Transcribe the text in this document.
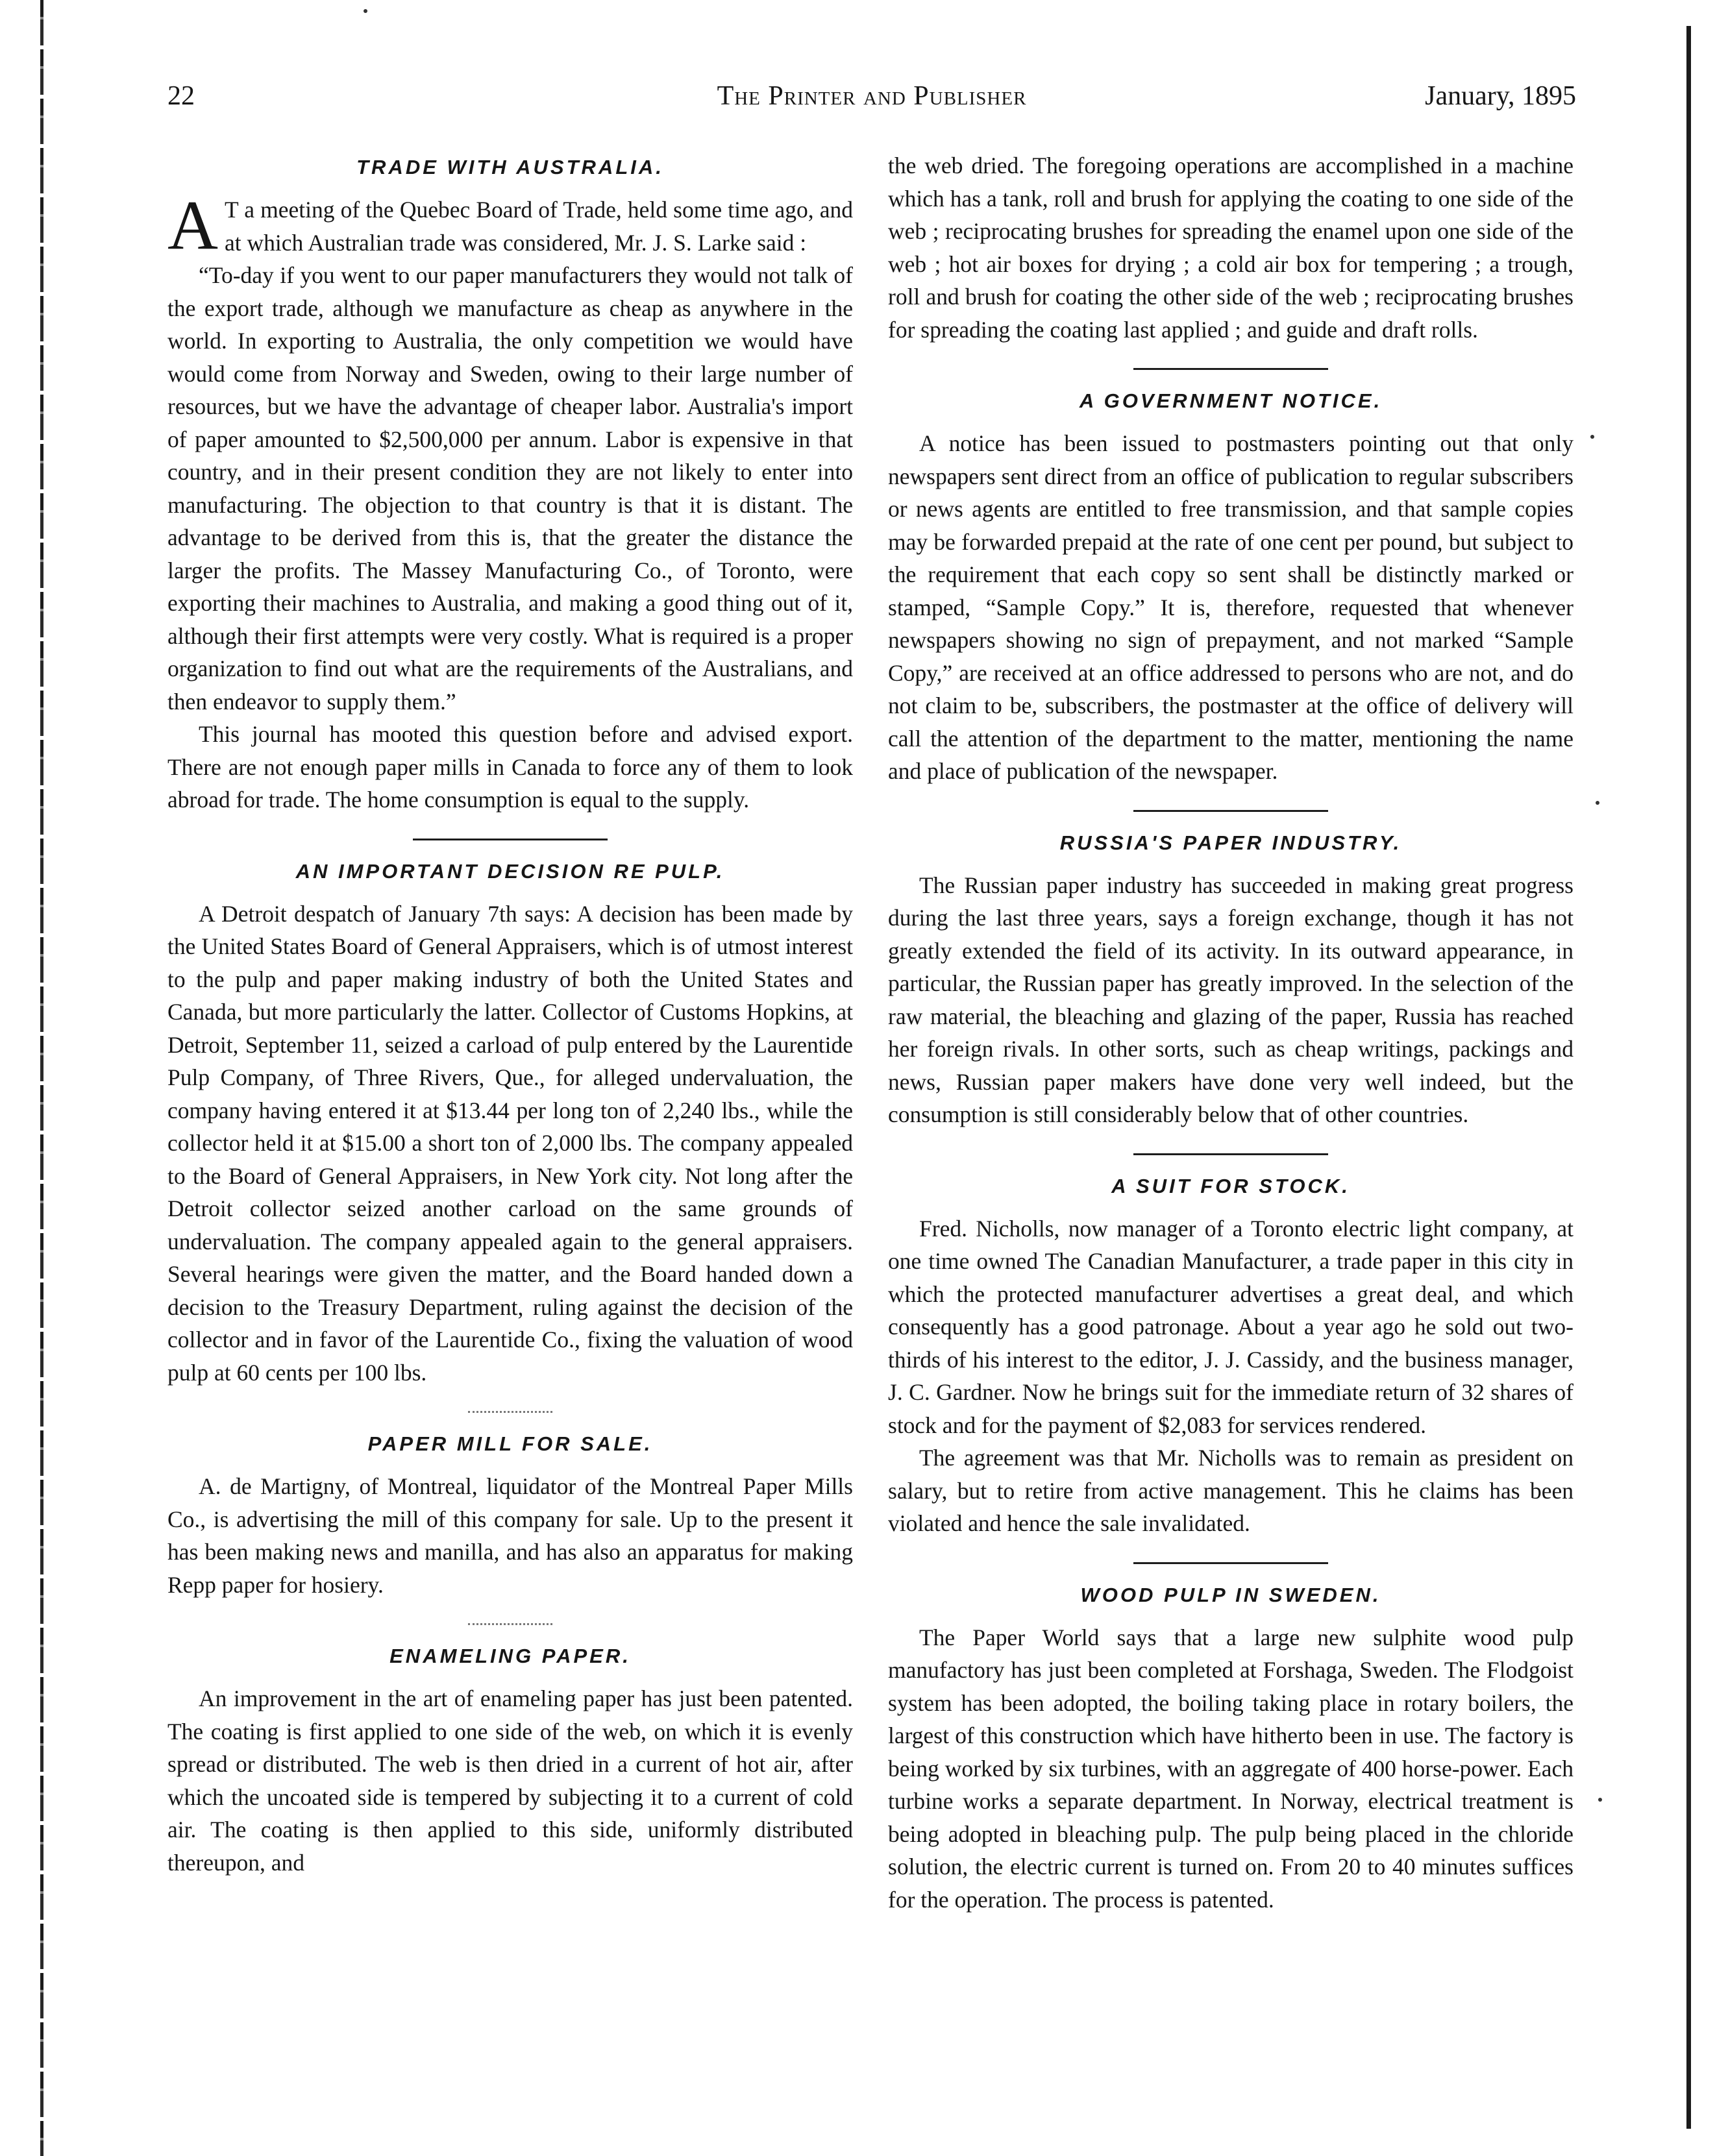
22	The Printer and Publisher	January, 1895
TRADE WITH AUSTRALIA.

A T a meeting of the Quebec Board of Trade, held some time ago, and at which Australian trade was considered, Mr. J. S. Larke said :

“To-day if you went to our paper manufacturers they would not talk of the export trade, although we manufacture as cheap as anywhere in the world. In exporting to Australia, the only competition we would have would come from Norway and Sweden, owing to their large number of resources, but we have the advantage of cheaper labor. Australia's import of paper amounted to $2,500,000 per annum. Labor is expensive in that country, and in their present condition they are not likely to enter into manufacturing. The objection to that country is that it is distant. The advantage to be derived from this is, that the greater the distance the larger the profits. The Massey Manufacturing Co., of Toronto, were exporting their machines to Australia, and making a good thing out of it, although their first attempts were very costly. What is required is a proper organization to find out what are the requirements of the Australians, and then endeavor to supply them.”

This journal has mooted this question before and advised export. There are not enough paper mills in Canada to force any of them to look abroad for trade. The home consumption is equal to the supply.

AN IMPORTANT DECISION RE PULP.

A Detroit despatch of January 7th says: A decision has been made by the United States Board of General Appraisers, which is of utmost interest to the pulp and paper making industry of both the United States and Canada, but more particularly the latter. Collector of Customs Hopkins, at Detroit, September 11, seized a carload of pulp entered by the Laurentide Pulp Company, of Three Rivers, Que., for alleged undervaluation, the company having entered it at $13.44 per long ton of 2,240 lbs., while the collector held it at $15.00 a short ton of 2,000 lbs. The company appealed to the Board of General Appraisers, in New York city. Not long after the Detroit collector seized another carload on the same grounds of undervaluation. The company appealed again to the general appraisers. Several hearings were given the matter, and the Board handed down a decision to the Treasury Department, ruling against the decision of the collector and in favor of the Laurentide Co., fixing the valuation of wood pulp at 60 cents per 100 lbs.

PAPER MILL FOR SALE.

A. de Martigny, of Montreal, liquidator of the Montreal Paper Mills Co., is advertising the mill of this company for sale. Up to the present it has been making news and manilla, and has also an apparatus for making Repp paper for hosiery.

ENAMELING PAPER.

An improvement in the art of enameling paper has just been patented. The coating is first applied to one side of the web, on which it is evenly spread or distributed. The web is then dried in a current of hot air, after which the uncoated side is tempered by subjecting it to a current of cold air. The coating is then applied to this side, uniformly distributed thereupon, and

the web dried. The foregoing operations are accomplished in a machine which has a tank, roll and brush for applying the coating to one side of the web ; reciprocating brushes for spreading the enamel upon one side of the web ; hot air boxes for drying ; a cold air box for tempering ; a trough, roll and brush for coating the other side of the web ; reciprocating brushes for spreading the coating last applied ; and guide and draft rolls.

A GOVERNMENT NOTICE.

A notice has been issued to postmasters pointing out that only newspapers sent direct from an office of publication to regular subscribers or news agents are entitled to free transmission, and that sample copies may be forwarded prepaid at the rate of one cent per pound, but subject to the requirement that each copy so sent shall be distinctly marked or stamped, “Sample Copy.” It is, therefore, requested that whenever newspapers showing no sign of prepayment, and not marked “Sample Copy,” are received at an office addressed to persons who are not, and do not claim to be, subscribers, the postmaster at the office of delivery will call the attention of the department to the matter, mentioning the name and place of publication of the newspaper.

RUSSIA'S PAPER INDUSTRY.

The Russian paper industry has succeeded in making great progress during the last three years, says a foreign exchange, though it has not greatly extended the field of its activity. In its outward appearance, in particular, the Russian paper has greatly improved. In the selection of the raw material, the bleaching and glazing of the paper, Russia has reached her foreign rivals. In other sorts, such as cheap writings, packings and news, Russian paper makers have done very well indeed, but the consumption is still considerably below that of other countries.

A SUIT FOR STOCK.

Fred. Nicholls, now manager of a Toronto electric light company, at one time owned The Canadian Manufacturer, a trade paper in this city in which the protected manufacturer advertises a great deal, and which consequently has a good patronage. About a year ago he sold out two-thirds of his interest to the editor, J. J. Cassidy, and the business manager, J. C. Gardner. Now he brings suit for the immediate return of 32 shares of stock and for the payment of $2,083 for services rendered.

The agreement was that Mr. Nicholls was to remain as president on salary, but to retire from active management. This he claims has been violated and hence the sale invalidated.

WOOD PULP IN SWEDEN.

The Paper World says that a large new sulphite wood pulp manufactory has just been completed at Forshaga, Sweden. The Flodgoist system has been adopted, the boiling taking place in rotary boilers, the largest of this construction which have hitherto been in use. The factory is being worked by six turbines, with an aggregate of 400 horse-power. Each turbine works a separate department. In Norway, electrical treatment is being adopted in bleaching pulp. The pulp being placed in the chloride solution, the electric current is turned on. From 20 to 40 minutes suffices for the operation. The process is patented.
